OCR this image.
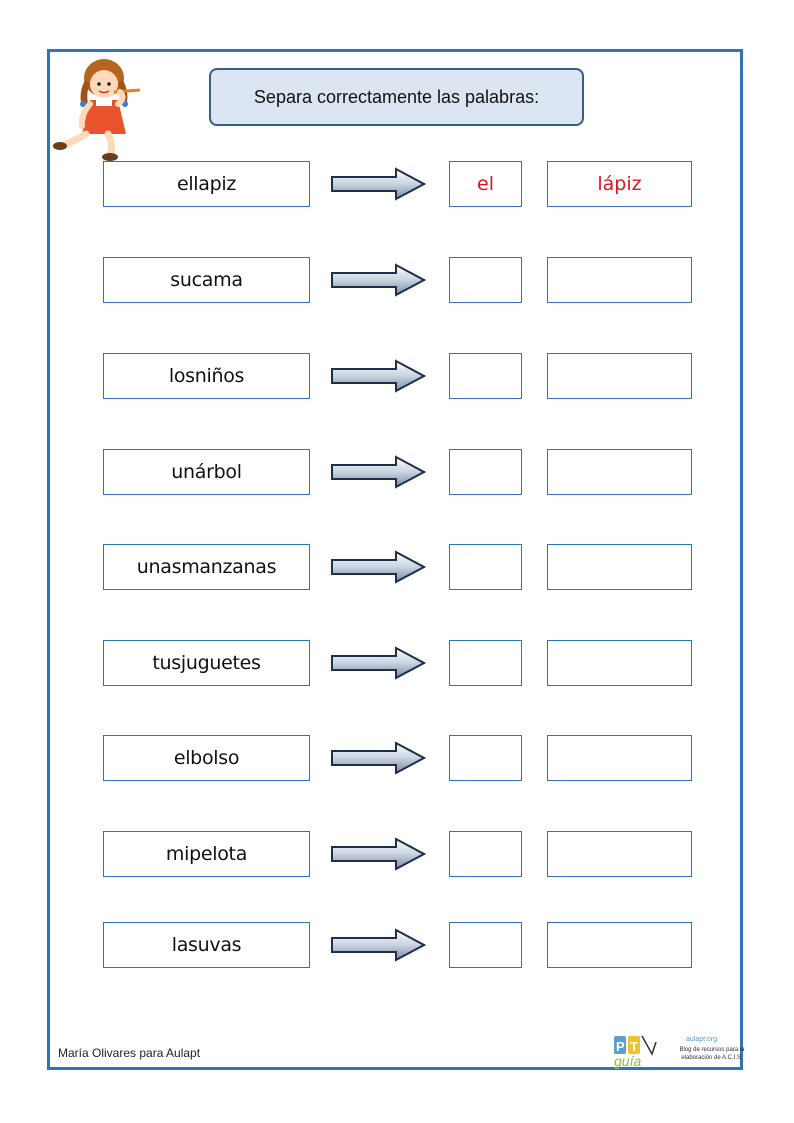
Separa correctamente las palabras:
ellapiz	el	lápiz
sucama
losniños
unárbol
unasmanzanas
tusjuguetes
elbolso
mipelota
lasuvas
María Olivares para Aulapt	P T
guía
aulapt.org
Blog de recursos para la elaboración de A.C.I.S.
